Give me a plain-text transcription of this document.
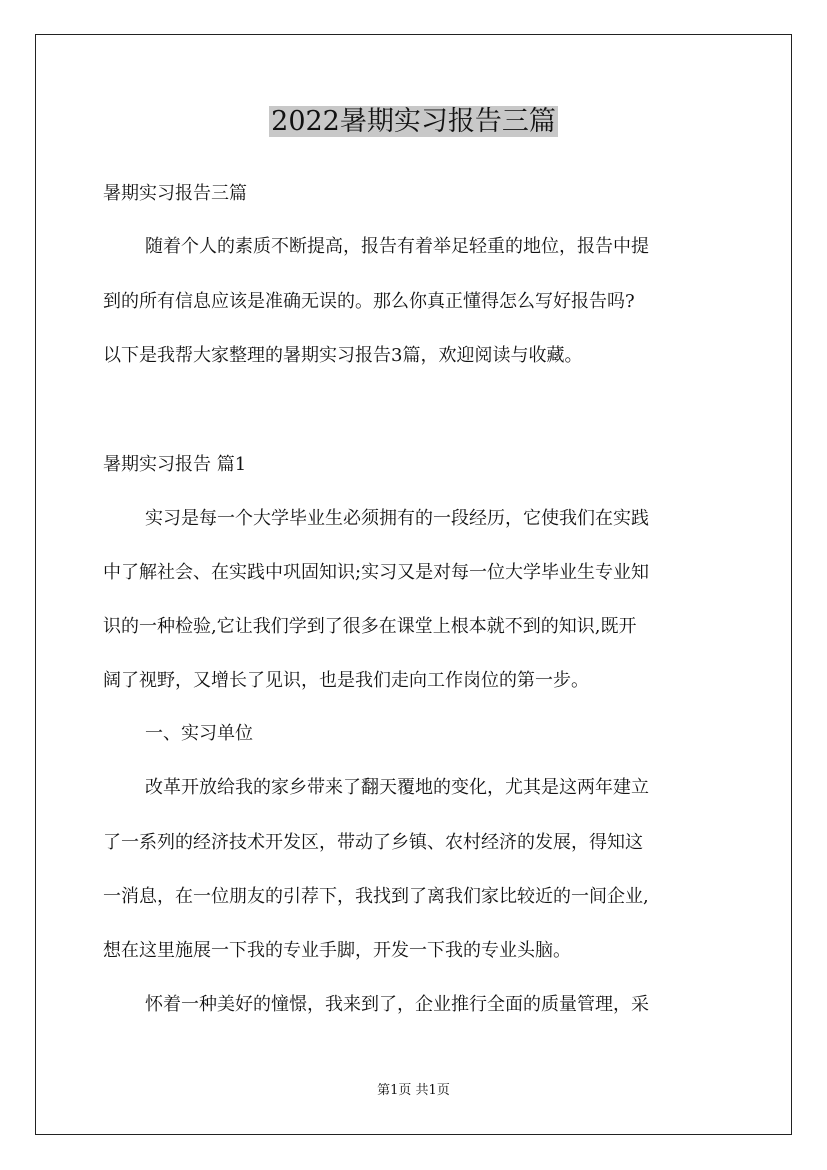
2022暑期实习报告三篇
暑期实习报告三篇
随着个人的素质不断提高，报告有着举足轻重的地位，报告中提
到的所有信息应该是准确无误的。那么你真正懂得怎么写好报告吗?
以下是我帮大家整理的暑期实习报告3篇，欢迎阅读与收藏。
暑期实习报告 篇1
实习是每一个大学毕业生必须拥有的一段经历，它使我们在实践
中了解社会、在实践中巩固知识;实习又是对每一位大学毕业生专业知
识的一种检验,它让我们学到了很多在课堂上根本就不到的知识,既开
阔了视野，又增长了见识，也是我们走向工作岗位的第一步。
一、实习单位
改革开放给我的家乡带来了翻天覆地的变化，尤其是这两年建立
了一系列的经济技术开发区，带动了乡镇、农村经济的发展，得知这
一消息，在一位朋友的引荐下，我找到了离我们家比较近的一间企业,
想在这里施展一下我的专业手脚，开发一下我的专业头脑。
怀着一种美好的憧憬，我来到了，企业推行全面的质量管理，采
第1页 共1页
